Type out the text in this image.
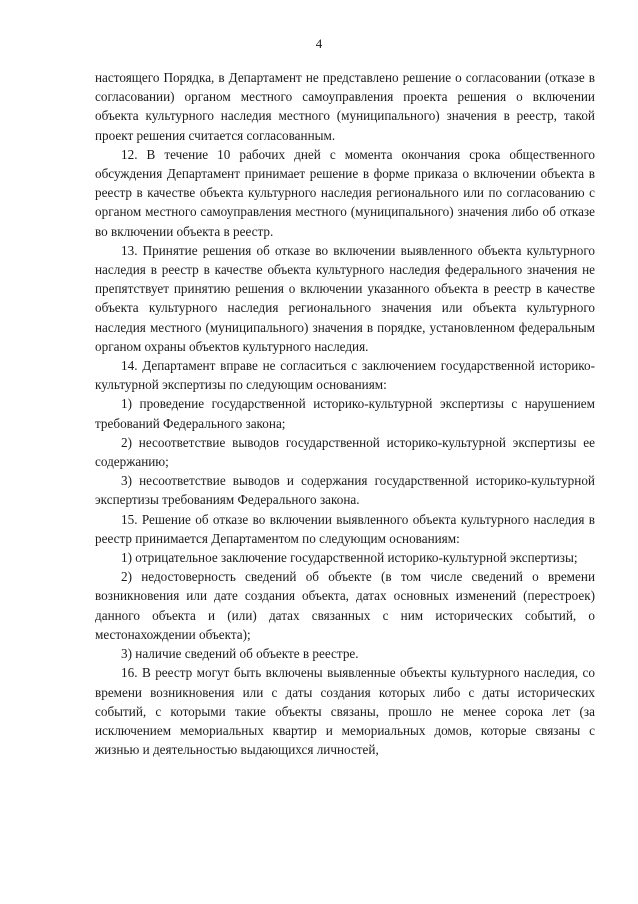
4

настоящего Порядка, в Департамент не представлено решение о согласовании (отказе в согласовании) органом местного самоуправления проекта решения о включении объекта культурного наследия местного (муниципального) значения в реестр, такой проект решения считается согласованным.

12. В течение 10 рабочих дней с момента окончания срока общественного обсуждения Департамент принимает решение в форме приказа о включении объекта в реестр в качестве объекта культурного наследия регионального или по согласованию с органом местного самоуправления местного (муниципального) значения либо об отказе во включении объекта в реестр.

13. Принятие решения об отказе во включении выявленного объекта культурного наследия в реестр в качестве объекта культурного наследия федерального значения не препятствует принятию решения о включении указанного объекта в реестр в качестве объекта культурного наследия регионального значения или объекта культурного наследия местного (муниципального) значения в порядке, установленном федеральным органом охраны объектов культурного наследия.

14. Департамент вправе не согласиться с заключением государственной историко-культурной экспертизы по следующим основаниям:

1) проведение государственной историко-культурной экспертизы с нарушением требований Федерального закона;

2) несоответствие выводов государственной историко-культурной экспертизы ее содержанию;

3) несоответствие выводов и содержания государственной историко-культурной экспертизы требованиям Федерального закона.

15. Решение об отказе во включении выявленного объекта культурного наследия в реестр принимается Департаментом по следующим основаниям:

1) отрицательное заключение государственной историко-культурной экспертизы;

2) недостоверность сведений об объекте (в том числе сведений о времени возникновения или дате создания объекта, датах основных изменений (перестроек) данного объекта и (или) датах связанных с ним исторических событий, о местонахождении объекта);

3) наличие сведений об объекте в реестре.

16. В реестр могут быть включены выявленные объекты культурного наследия, со времени возникновения или с даты создания которых либо с даты исторических событий, с которыми такие объекты связаны, прошло не менее сорока лет (за исключением мемориальных квартир и мемориальных домов, которые связаны с жизнью и деятельностью выдающихся личностей,
